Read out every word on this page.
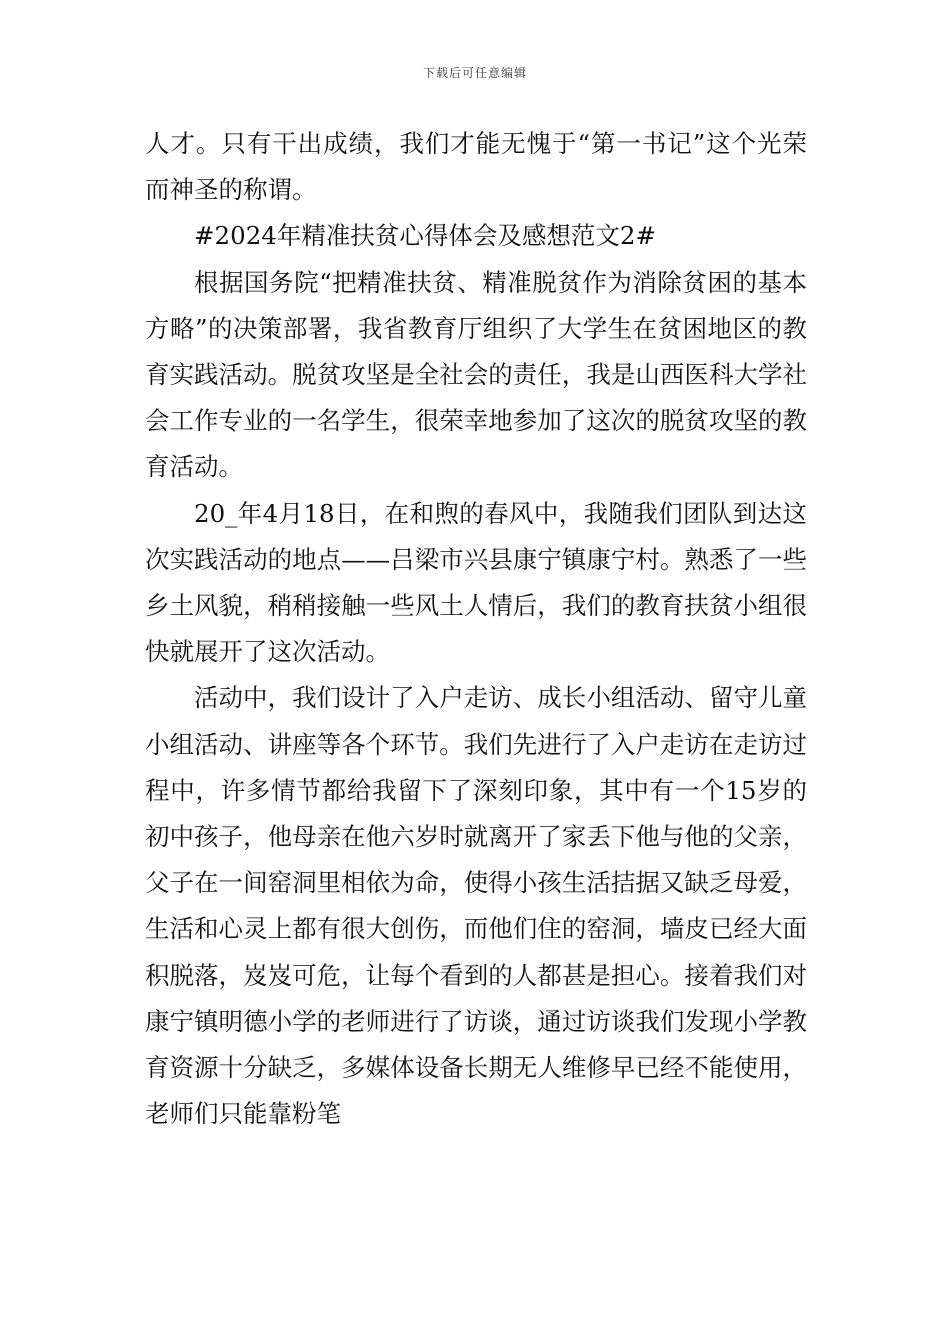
下载后可任意编辑

人才。只有干出成绩，我们才能无愧于“第一书记”这个光荣而神圣的称谓。

#2024年精准扶贫心得体会及感想范文2#

根据国务院“把精准扶贫、精准脱贫作为消除贫困的基本方略”的决策部署，我省教育厅组织了大学生在贫困地区的教育实践活动。脱贫攻坚是全社会的责任，我是山西医科大学社会工作专业的一名学生，很荣幸地参加了这次的脱贫攻坚的教育活动。

20_年4月18日，在和煦的春风中，我随我们团队到达这次实践活动的地点——吕梁市兴县康宁镇康宁村。熟悉了一些乡土风貌，稍稍接触一些风土人情后，我们的教育扶贫小组很快就展开了这次活动。

活动中，我们设计了入户走访、成长小组活动、留守儿童小组活动、讲座等各个环节。我们先进行了入户走访在走访过程中，许多情节都给我留下了深刻印象，其中有一个15岁的初中孩子，他母亲在他六岁时就离开了家丢下他与他的父亲，父子在一间窑洞里相依为命，使得小孩生活拮据又缺乏母爱，生活和心灵上都有很大创伤，而他们住的窑洞，墙皮已经大面积脱落，岌岌可危，让每个看到的人都甚是担心。接着我们对康宁镇明德小学的老师进行了访谈，通过访谈我们发现小学教育资源十分缺乏，多媒体设备长期无人维修早已经不能使用，老师们只能靠粉笔
